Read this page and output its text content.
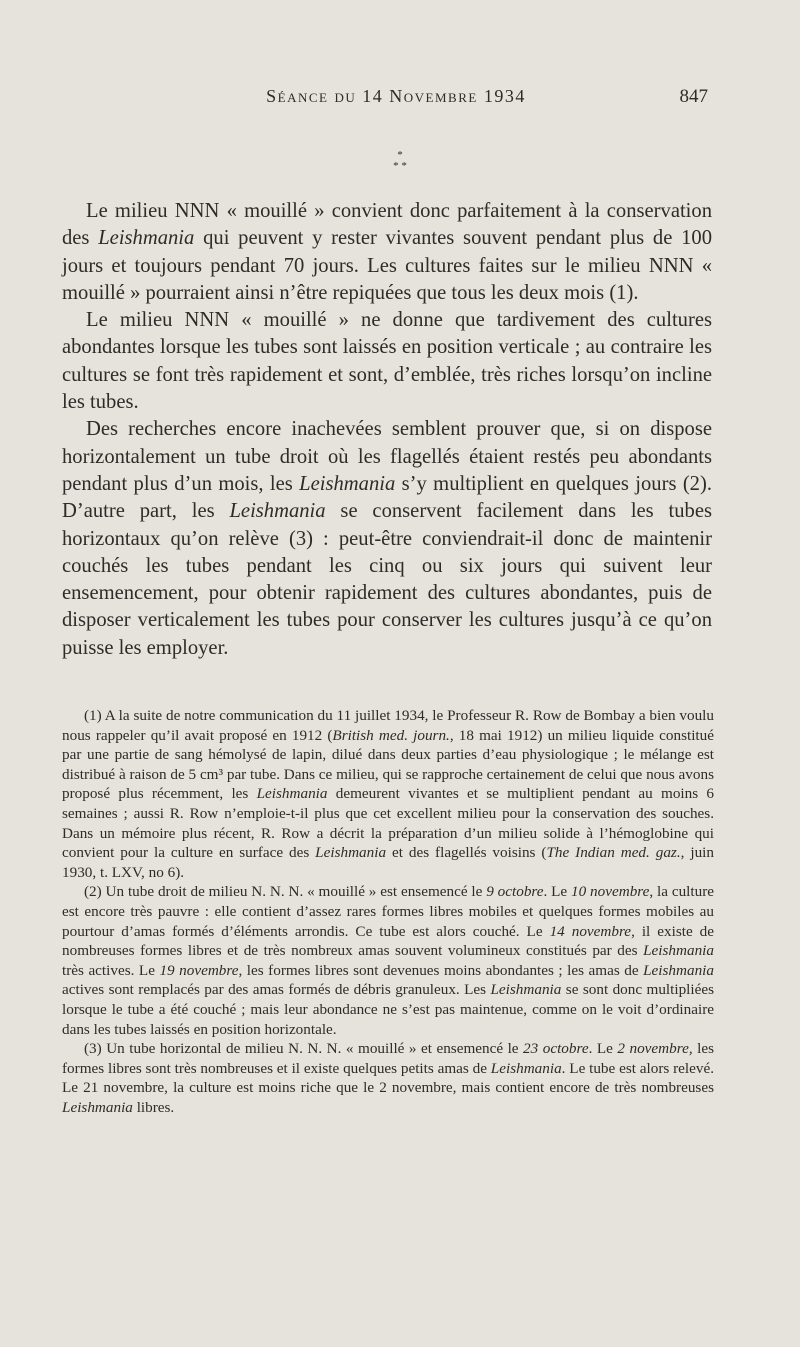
Séance du 14 Novembre 1934	847
*
* *

Le milieu NNN « mouillé » convient donc parfaitement à la conservation des Leishmania qui peuvent y rester vivantes souvent pendant plus de 100 jours et toujours pendant 70 jours. Les cultures faites sur le milieu NNN « mouillé » pourraient ainsi n’être repiquées que tous les deux mois (1).

Le milieu NNN « mouillé » ne donne que tardivement des cultures abondantes lorsque les tubes sont laissés en position verticale ; au contraire les cultures se font très rapidement et sont, d’emblée, très riches lorsqu’on incline les tubes.

Des recherches encore inachevées semblent prouver que, si on dispose horizontalement un tube droit où les flagellés étaient restés peu abondants pendant plus d’un mois, les Leishmania s’y multiplient en quelques jours (2). D’autre part, les Leishmania se conservent facilement dans les tubes horizontaux qu’on relève (3) : peut-être conviendrait-il donc de maintenir couchés les tubes pendant les cinq ou six jours qui suivent leur ensemencement, pour obtenir rapidement des cultures abondantes, puis de disposer verticalement les tubes pour conserver les cultures jusqu’à ce qu’on puisse les employer.

(1) A la suite de notre communication du 11 juillet 1934, le Professeur R. Row de Bombay a bien voulu nous rappeler qu’il avait proposé en 1912 (British med. journ., 18 mai 1912) un milieu liquide constitué par une partie de sang hémolysé de lapin, dilué dans deux parties d’eau physiologique ; le mélange est distribué à raison de 5 cm³ par tube. Dans ce milieu, qui se rapproche certainement de celui que nous avons proposé plus récemment, les Leishmania demeurent vivantes et se multiplient pendant au moins 6 semaines ; aussi R. Row n’emploie-t-il plus que cet excellent milieu pour la conservation des souches. Dans un mémoire plus récent, R. Row a décrit la préparation d’un milieu solide à l’hémoglobine qui convient pour la culture en surface des Leishmania et des flagellés voisins (The Indian med. gaz., juin 1930, t. LXV, no 6).

(2) Un tube droit de milieu N. N. N. « mouillé » est ensemencé le 9 octobre. Le 10 novembre, la culture est encore très pauvre : elle contient d’assez rares formes libres mobiles et quelques formes mobiles au pourtour d’amas formés d’éléments arrondis. Ce tube est alors couché. Le 14 novembre, il existe de nombreuses formes libres et de très nombreux amas souvent volumineux constitués par des Leishmania très actives. Le 19 novembre, les formes libres sont devenues moins abondantes ; les amas de Leishmania actives sont remplacés par des amas formés de débris granuleux. Les Leishmania se sont donc multipliées lorsque le tube a été couché ; mais leur abondance ne s’est pas maintenue, comme on le voit d’ordinaire dans les tubes laissés en position horizontale.

(3) Un tube horizontal de milieu N. N. N. « mouillé » et ensemencé le 23 octobre. Le 2 novembre, les formes libres sont très nombreuses et il existe quelques petits amas de Leishmania. Le tube est alors relevé. Le 21 novembre, la culture est moins riche que le 2 novembre, mais contient encore de très nombreuses Leishmania libres.
